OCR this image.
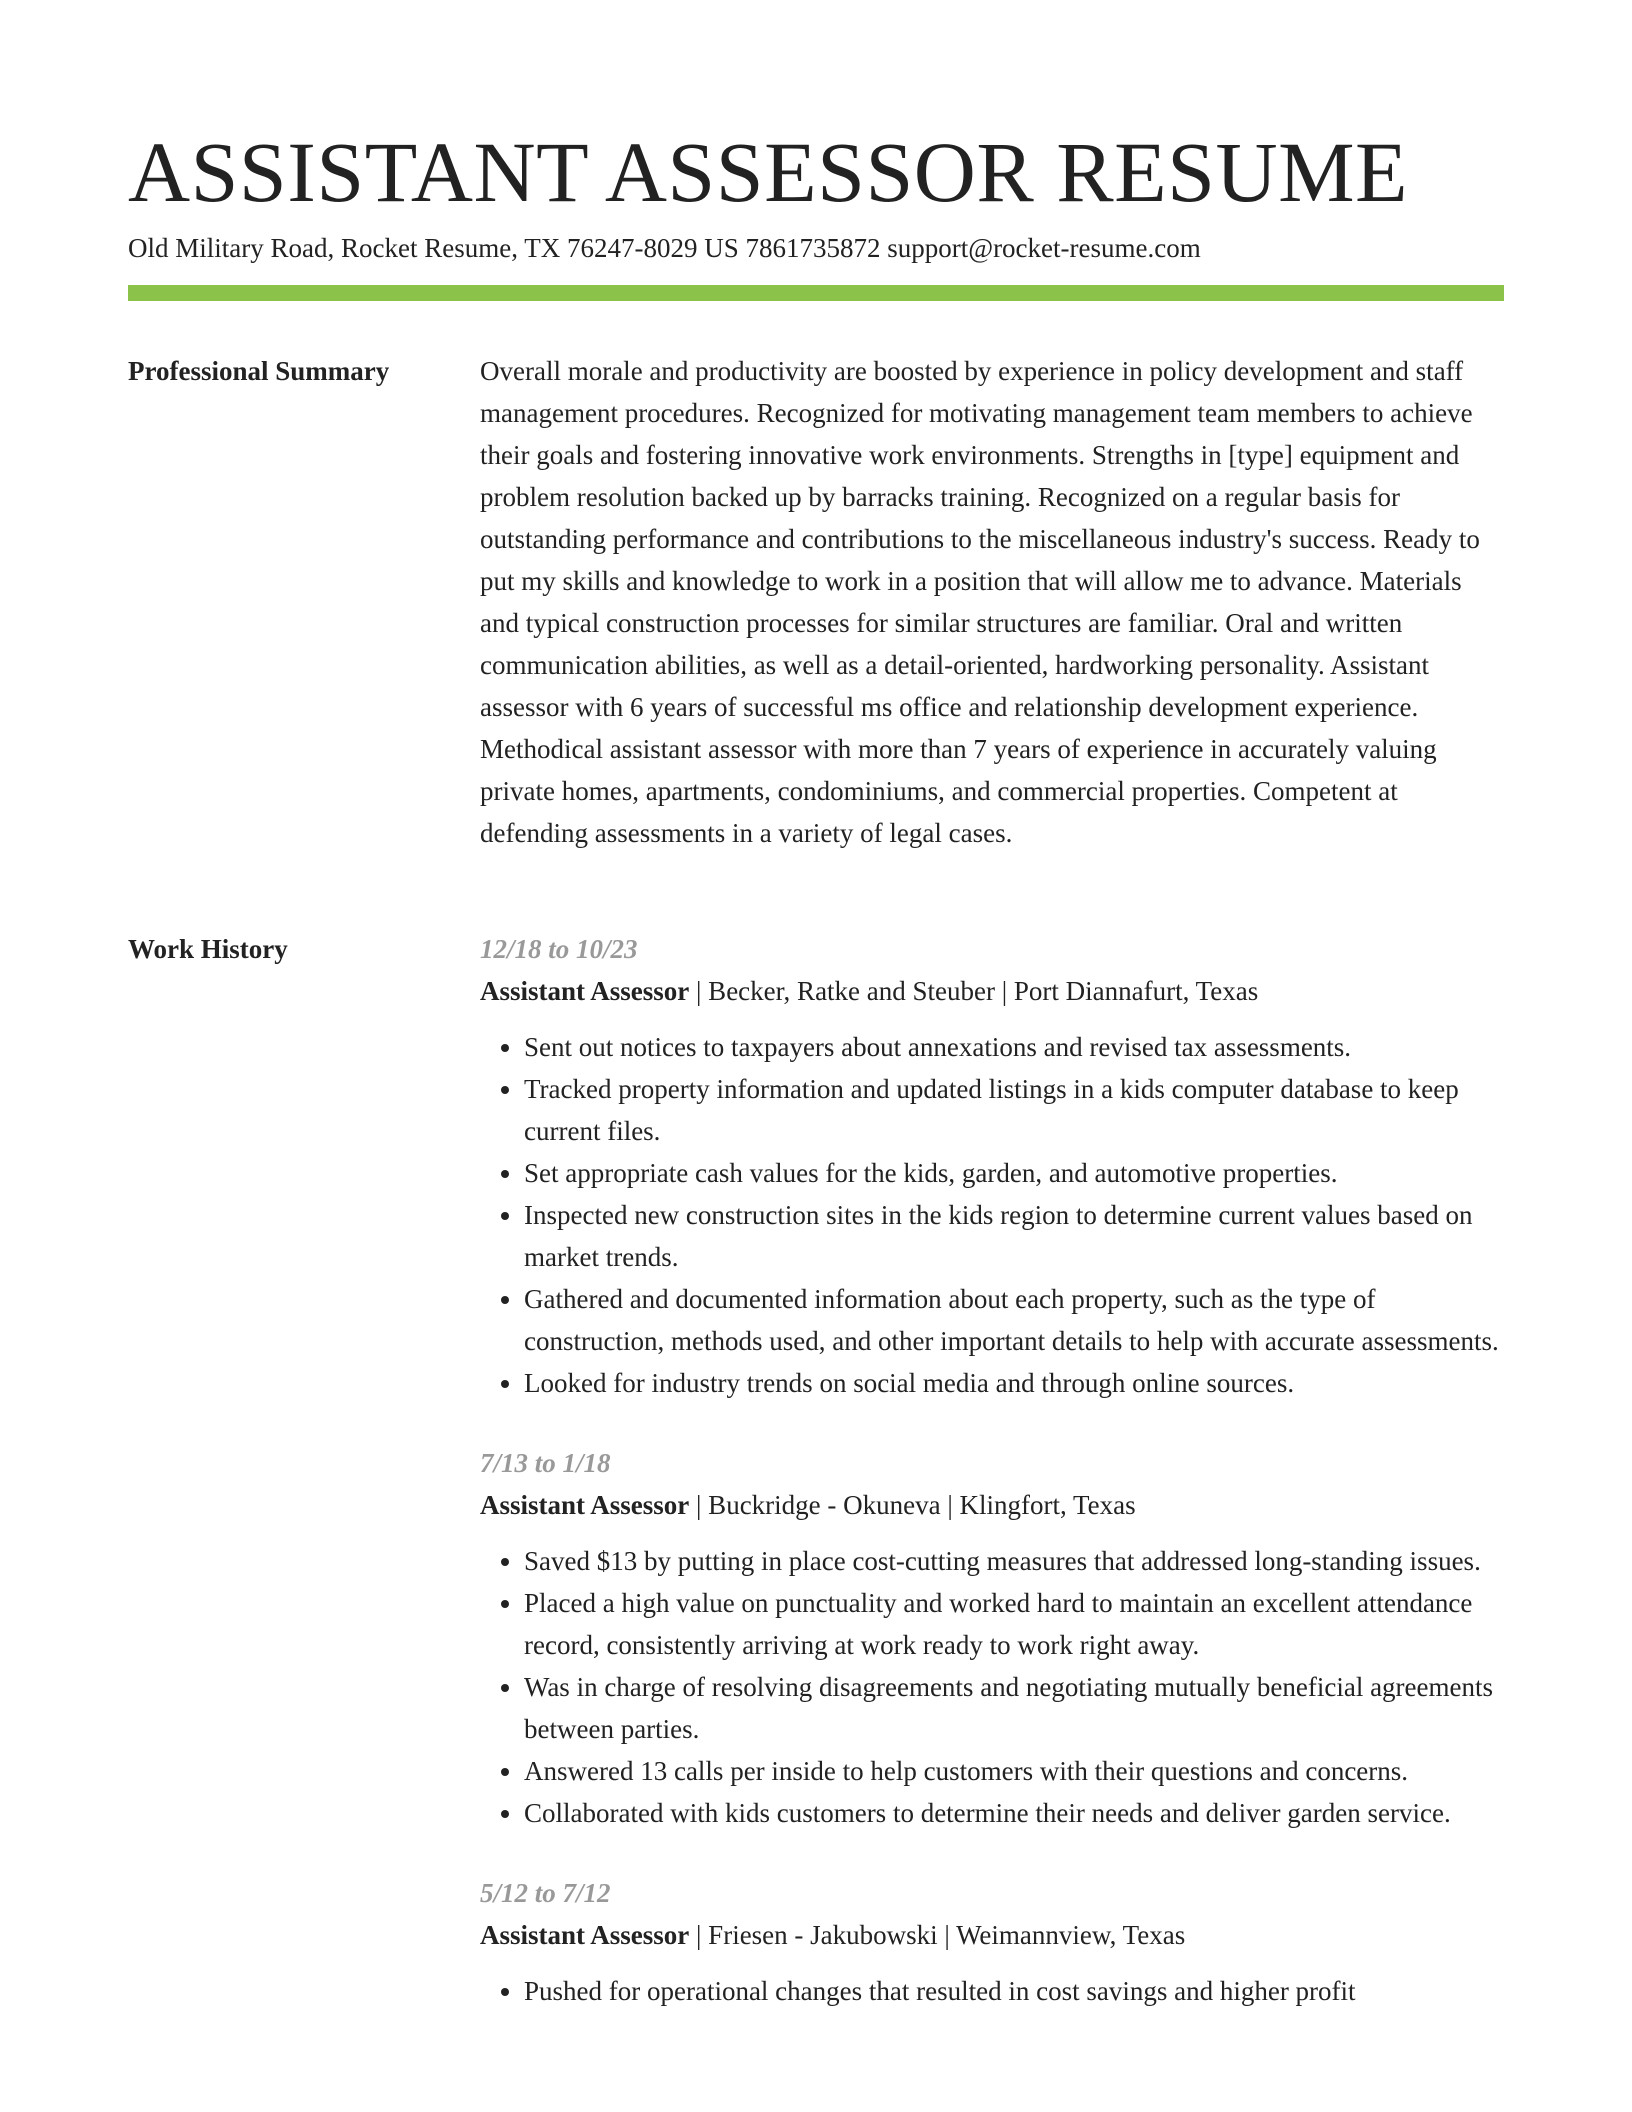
ASSISTANT ASSESSOR RESUME
Old Military Road, Rocket Resume, TX 76247-8029 US 7861735872 support@rocket-resume.com
Professional Summary	Overall morale and productivity are boosted by experience in policy development and staff management procedures. Recognized for motivating management team members to achieve their goals and fostering innovative work environments. Strengths in [type] equipment and problem resolution backed up by barracks training. Recognized on a regular basis for outstanding performance and contributions to the miscellaneous industry's success. Ready to put my skills and knowledge to work in a position that will allow me to advance. Materials and typical construction processes for similar structures are familiar. Oral and written communication abilities, as well as a detail-oriented, hardworking personality. Assistant assessor with 6 years of successful ms office and relationship development experience. Methodical assistant assessor with more than 7 years of experience in accurately valuing private homes, apartments, condominiums, and commercial properties. Competent at defending assessments in a variety of legal cases.

Work History	12/18 to 10/23
Assistant Assessor | Becker, Ratke and Steuber | Port Diannafurt, Texas
• Sent out notices to taxpayers about annexations and revised tax assessments.
• Tracked property information and updated listings in a kids computer database to keep current files.
• Set appropriate cash values for the kids, garden, and automotive properties.
• Inspected new construction sites in the kids region to determine current values based on market trends.
• Gathered and documented information about each property, such as the type of construction, methods used, and other important details to help with accurate assessments.
• Looked for industry trends on social media and through online sources.
7/13 to 1/18
Assistant Assessor | Buckridge - Okuneva | Klingfort, Texas
• Saved $13 by putting in place cost-cutting measures that addressed long-standing issues.
• Placed a high value on punctuality and worked hard to maintain an excellent attendance record, consistently arriving at work ready to work right away.
• Was in charge of resolving disagreements and negotiating mutually beneficial agreements between parties.
• Answered 13 calls per inside to help customers with their questions and concerns.
• Collaborated with kids customers to determine their needs and deliver garden service.
5/12 to 7/12
Assistant Assessor | Friesen - Jakubowski | Weimannview, Texas
• Pushed for operational changes that resulted in cost savings and higher profit
